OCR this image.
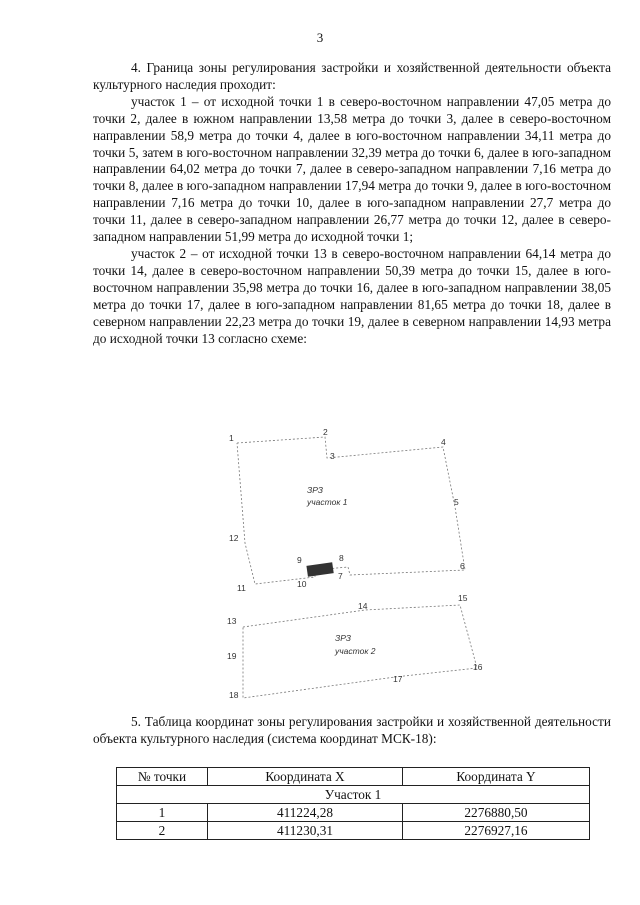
3

4. Граница зоны регулирования застройки и хозяйственной деятельности объекта культурного наследия проходит:

участок 1 – от исходной точки 1 в северо-восточном направлении 47,05 метра до точки 2, далее в южном направлении 13,58 метра до точки 3, далее в северо-восточном направлении 58,9 метра до точки 4, далее в юго-восточном направлении 34,11 метра до точки 5, затем в юго-восточном направлении 32,39 метра до точки 6, далее в юго-западном направлении 64,02 метра до точки 7, далее в северо-западном направлении 7,16 метра до точки 8, далее в юго-западном направлении 17,94 метра до точки 9, далее в юго-восточном направлении 7,16 метра до точки 10, далее в юго-западном направлении 27,7 метра до точки 11, далее в северо-западном направлении 26,77 метра до точки 12, далее в северо-западном направлении 51,99 метра до исходной точки 1;

участок 2 – от исходной точки 13 в северо-восточном направлении 64,14 метра до точки 14, далее в северо-восточном направлении 50,39 метра до точки 15, далее в юго-восточном направлении 35,98 метра до точки 16, далее в юго-западном направлении 38,05 метра до точки 17, далее в юго-западном направлении 81,65 метра до точки 18, далее в северном направлении 22,23 метра до точки 19, далее в северном направлении 14,93 метра до исходной точки 13 согласно схеме:

1
2
3
4
5
6
7
8
9
10
11
12
13
14
15
16
17
18
19
ЗРЗ
участок 1
ЗРЗ
участок 2

5. Таблица координат зоны регулирования застройки и хозяйственной деятельности объекта культурного наследия (система координат МСК-18):

№ точки	Координата X	Координата Y
Участок 1		
1	411224,28	2276880,50
2	411230,31	2276927,16
